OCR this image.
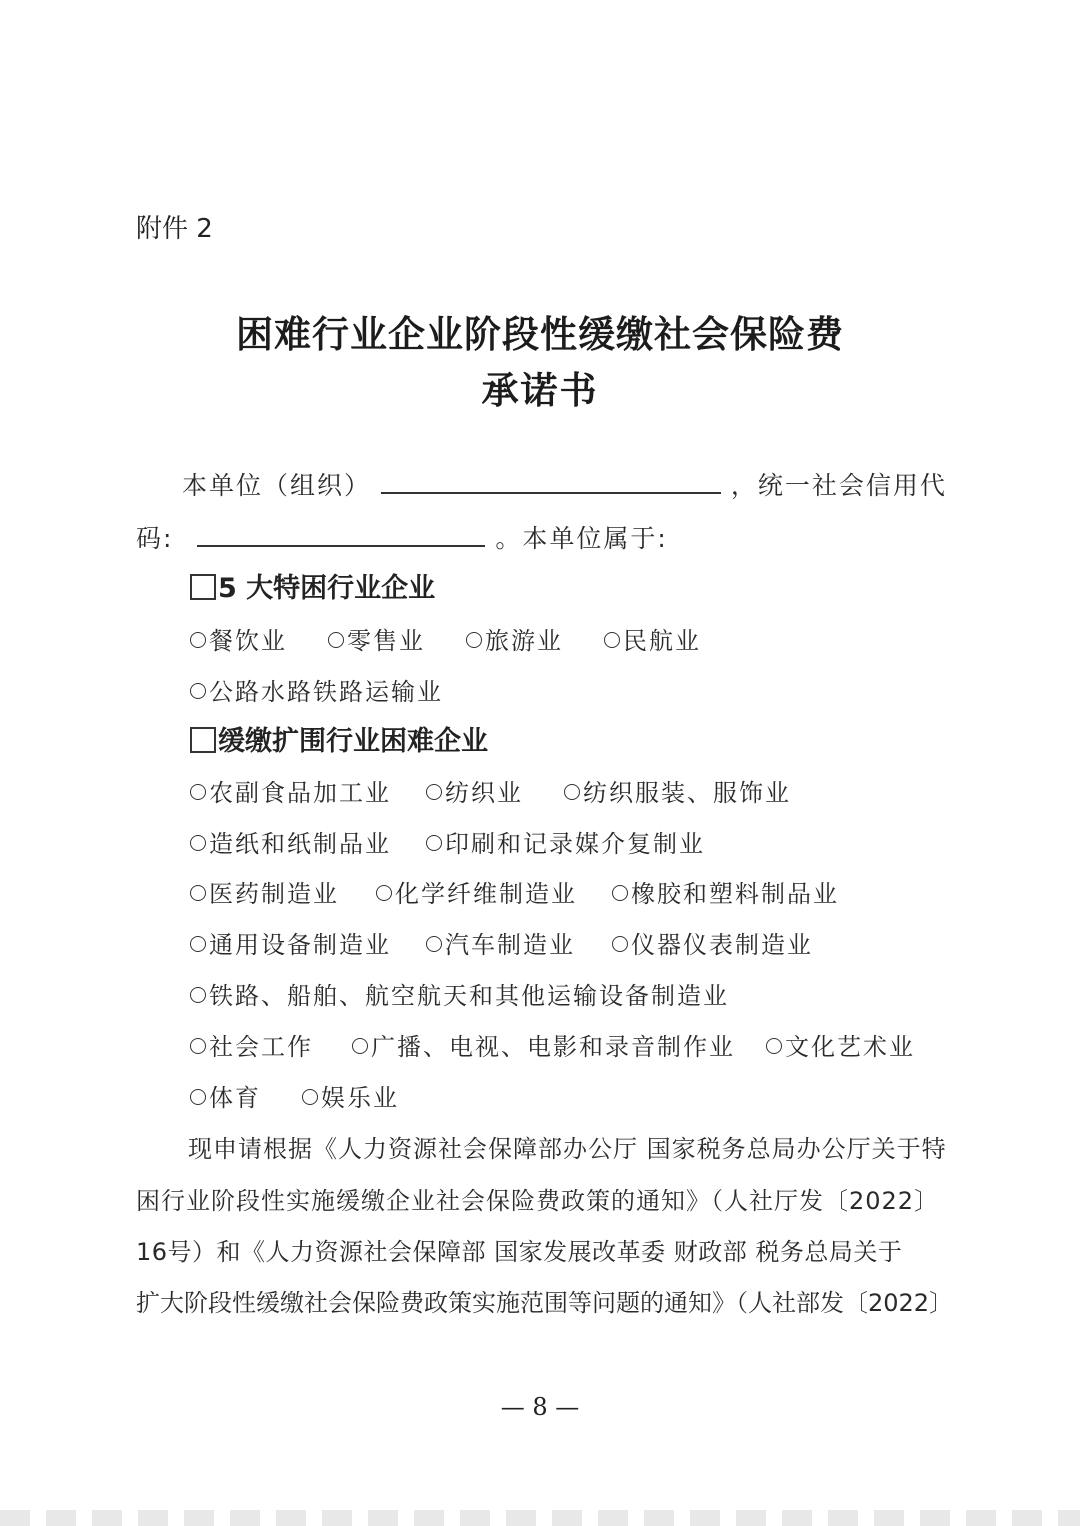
附件 2
困难行业企业阶段性缓缴社会保险费
承诺书
本单位（组织）	，统一社会信用代
码:	。本单位属于:
5 大特困行业企业
餐饮业	零售业	旅游业	民航业
公路水路铁路运输业
缓缴扩围行业困难企业
农副食品加工业 纺织业	纺织服装、服饰业
造纸和纸制品业 印刷和记录媒介复制业
医药制造业 化学纤维制造业 橡胶和塑料制品业
通用设备制造业 汽车制造业 仪器仪表制造业
铁路、船舶、航空航天和其他运输设备制造业
社会工作 广播、电视、电影和录音制作业 文化艺术业
体育	娱乐业
现申请根据《人力资源社会保障部办公厅 国家税务总局办公厅关于特
困行业阶段性实施缓缴企业社会保险费政策的通知》（人社厅发〔2022〕
16号）和《人力资源社会保障部 国家发展改革委 财政部 税务总局关于
扩大阶段性缓缴社会保险费政策实施范围等问题的通知》（人社部发〔2022〕
— 8 —
